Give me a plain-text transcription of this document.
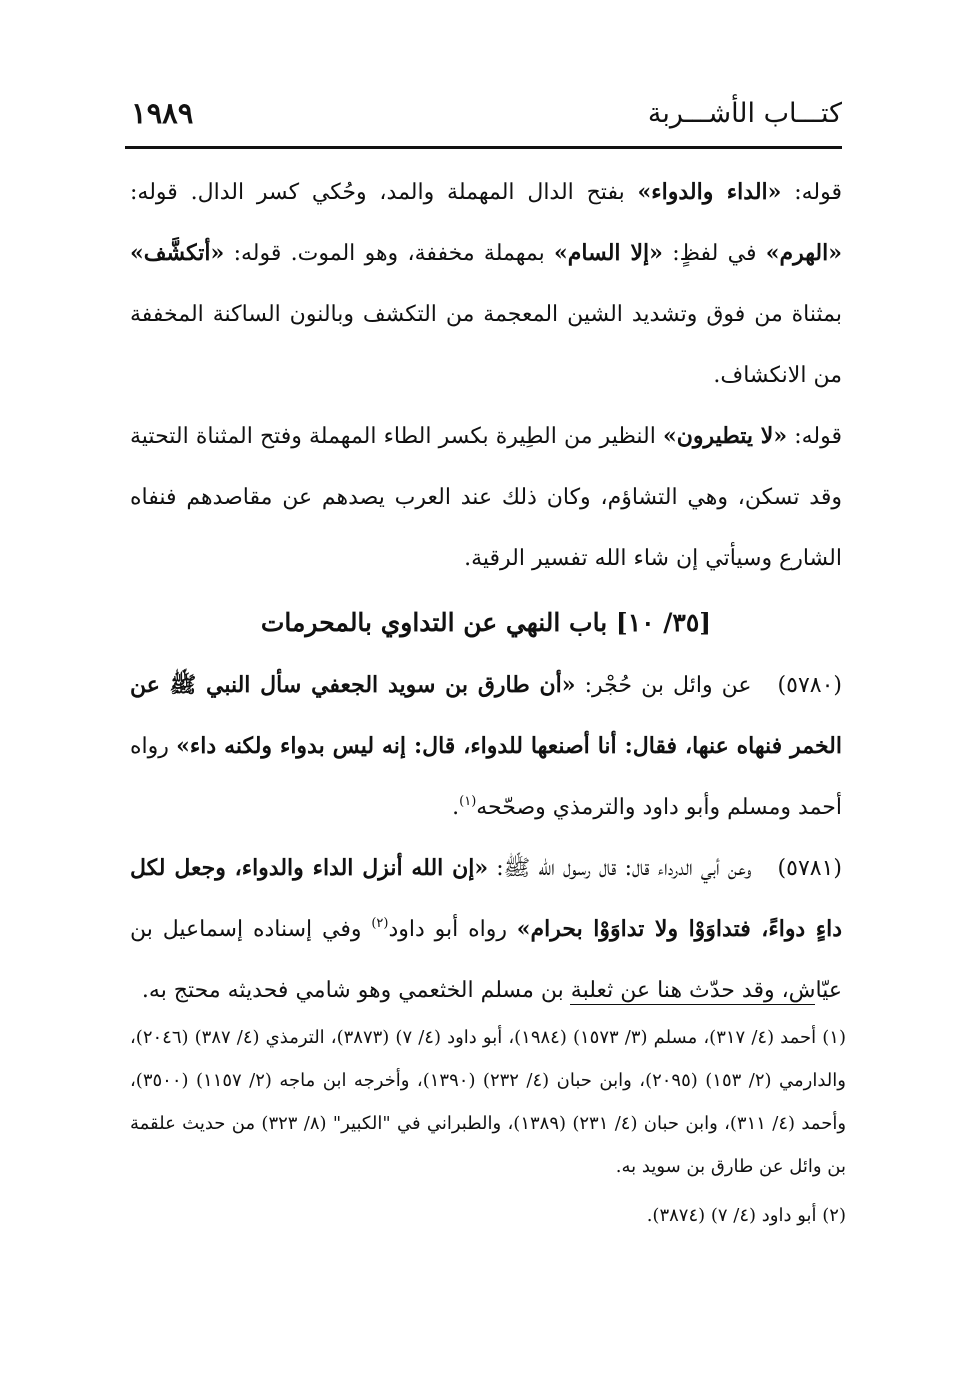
كتـــاب الأشـــربة
١٩٨٩

قوله: «الداء والدواء» بفتح الدال المهملة والمد، وحُكي كسر الدال. قوله: «الهرم» في لفظٍ: «إلا السام» بمهملة مخففة، وهو الموت. قوله: «أتكشَّف» بمثناة من فوق وتشديد الشين المعجمة من التكشف وبالنون الساكنة المخففة من الانكشاف.

قوله: «لا يتطيرون» النظير من الطِيرة بكسر الطاء المهملة وفتح المثناة التحتية وقد تسكن، وهي التشاؤم، وكان ذلك عند العرب يصدهم عن مقاصدهم فنفاه الشارع وسيأتي إن شاء الله تفسير الرقية.

[٣٥/ ١٠] باب النهي عن التداوي بالمحرمات

(٥٧٨٠)عن وائل بن حُجْر: «أن طارق بن سويد الجعفي سأل النبي ﷺ عن الخمر فنهاه عنها، فقال: أنا أصنعها للدواء، قال: إنه ليس بدواء ولكنه داء» رواه أحمد ومسلم وأبو داود والترمذي وصحّحه$^{(١)}$.

(٥٧٨١)وعن أبي الدرداء قال: قال رسول الله ﷺ: «إن الله أنزل الداء والدواء، وجعل لكل داءٍ دواءً، فتداوَوْا ولا تداوَوْا بحرام» رواه أبو داود$^{(٢)}$ وفي إسناده إسماعيل بن عيّاش، وقد حدّث هنا عن ثعلبة بن مسلم الخثعمي وهو شامي فحديثه محتج به.

(١) أحمد (٤/ ٣١٧)، مسلم (٣/ ١٥٧٣) (١٩٨٤)، أبو داود (٤/ ٧) (٣٨٧٣)، الترمذي (٤/ ٣٨٧) (٢٠٤٦)، والدارمي (٢/ ١٥٣) (٢٠٩٥)، وابن حبان (٤/ ٢٣٢) (١٣٩٠)، وأخرجه ابن ماجه (٢/ ١١٥٧) (٣٥٠٠)، وأحمد (٤/ ٣١١)، وابن حبان (٤/ ٢٣١) (١٣٨٩)، والطبراني في "الكبير" (٨/ ٣٢٣) من حديث علقمة بن وائل عن طارق بن سويد به.

(٢) أبو داود (٤/ ٧) (٣٨٧٤).
